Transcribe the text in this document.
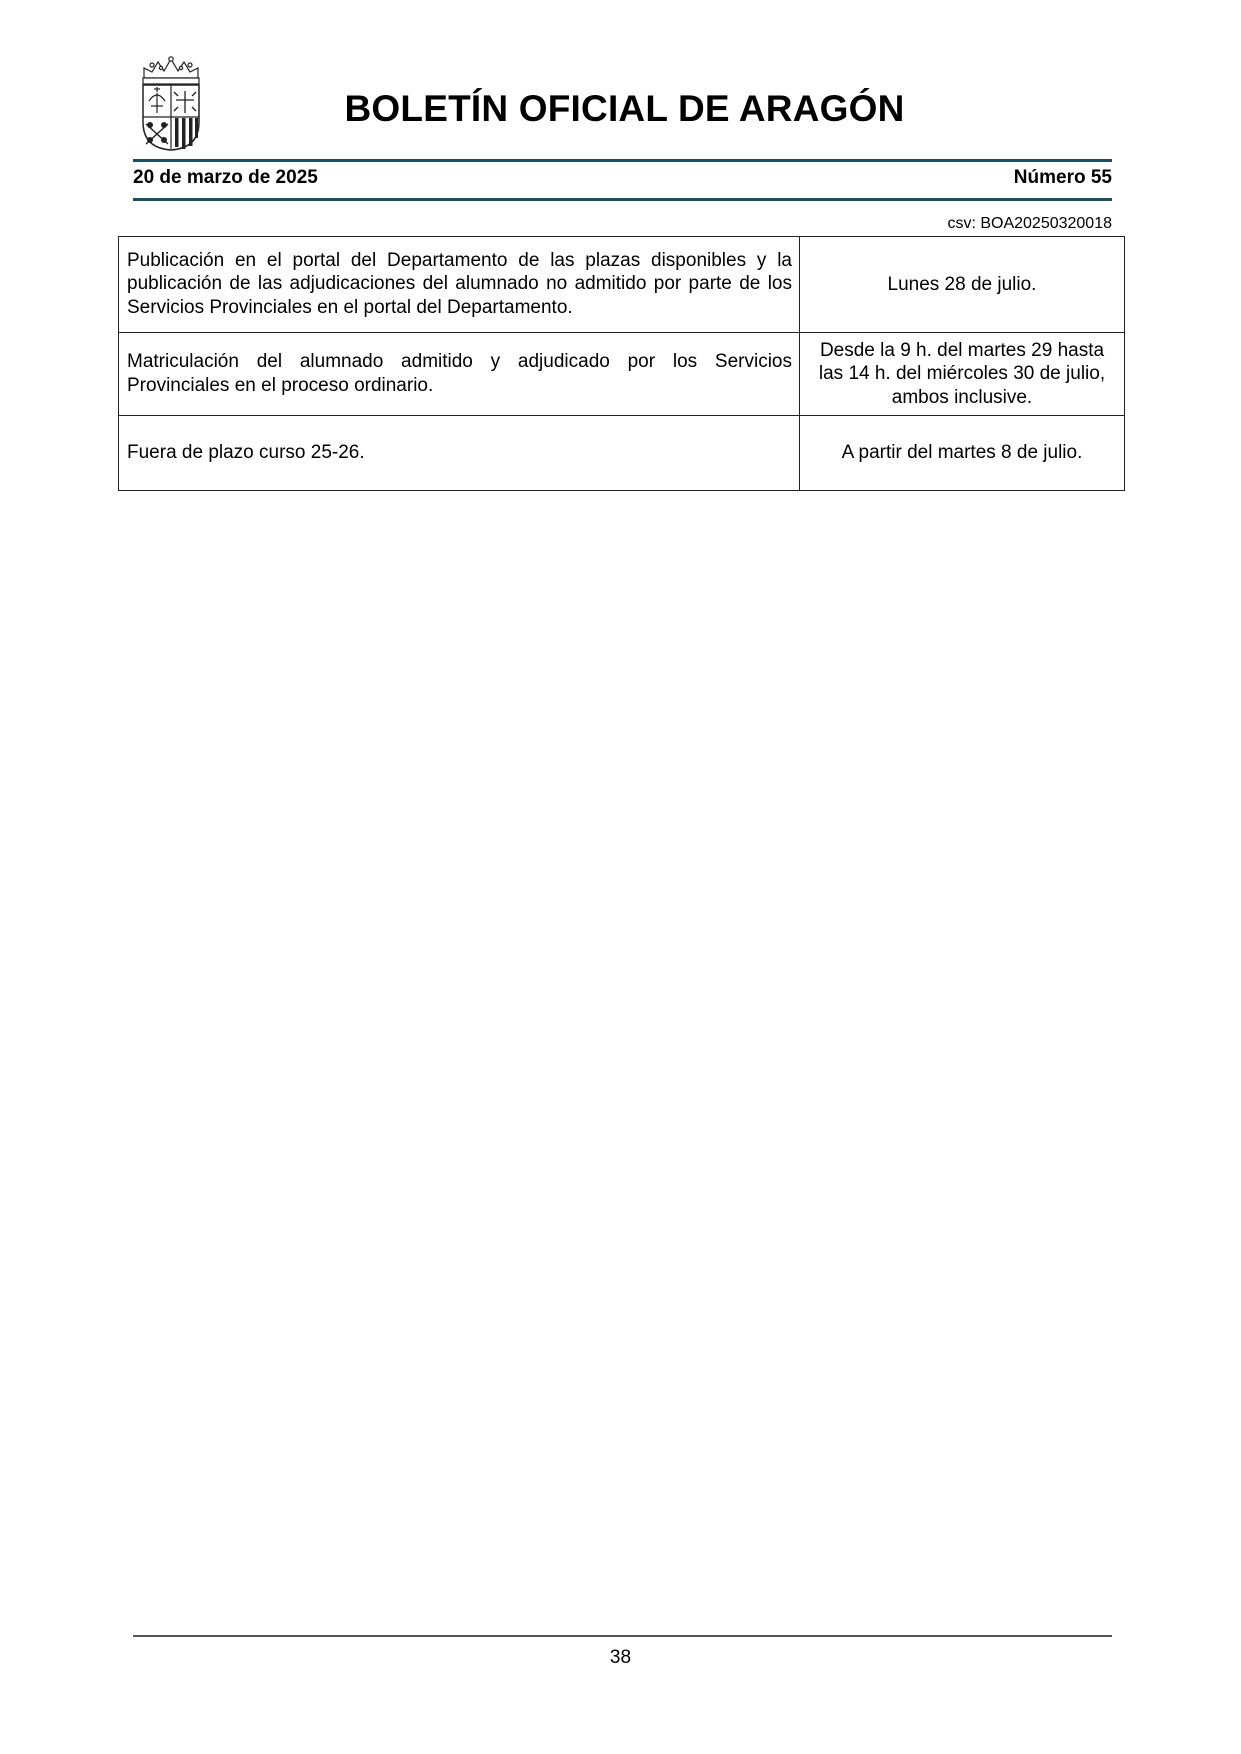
BOLETÍN OFICIAL DE ARAGÓN
20 de marzo de 2025	Número 55
csv: BOA20250320018
Publicación en el portal del Departamento de las plazas disponibles y la publicación de las adjudicaciones del alumnado no admitido por parte de los Servicios Provinciales en el portal del Departamento.	Lunes 28 de julio.
Matriculación del alumnado admitido y adjudicado por los Servicios Provinciales en el proceso ordinario.	Desde la 9 h. del martes 29 hasta las 14 h. del miércoles 30 de julio, ambos inclusive.
Fuera de plazo curso 25-26.	A partir del martes 8 de julio.
38
